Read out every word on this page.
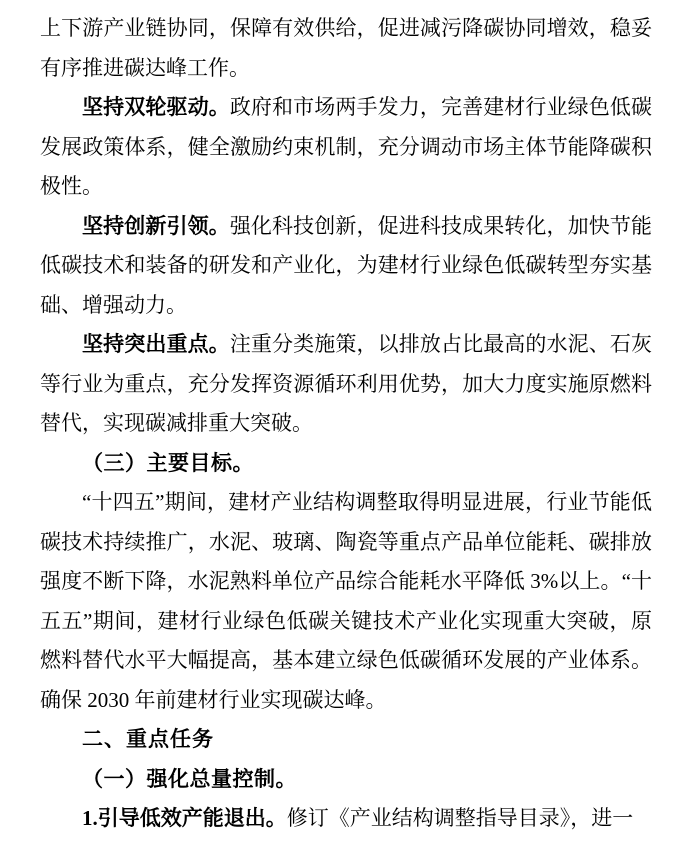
上下游产业链协同，保障有效供给，促进减污降碳协同增效，稳妥有序推进碳达峰工作。

坚持双轮驱动。政府和市场两手发力，完善建材行业绿色低碳发展政策体系，健全激励约束机制，充分调动市场主体节能降碳积极性。

坚持创新引领。强化科技创新，促进科技成果转化，加快节能低碳技术和装备的研发和产业化，为建材行业绿色低碳转型夯实基础、增强动力。

坚持突出重点。注重分类施策，以排放占比最高的水泥、石灰等行业为重点，充分发挥资源循环利用优势，加大力度实施原燃料替代，实现碳减排重大突破。

（三）主要目标。

“十四五”期间，建材产业结构调整取得明显进展，行业节能低碳技术持续推广，水泥、玻璃、陶瓷等重点产品单位能耗、碳排放强度不断下降，水泥熟料单位产品综合能耗水平降低 3%以上。“十五五”期间，建材行业绿色低碳关键技术产业化实现重大突破，原燃料替代水平大幅提高，基本建立绿色低碳循环发展的产业体系。确保 2030 年前建材行业实现碳达峰。

二、重点任务

（一）强化总量控制。

1.引导低效产能退出。修订《产业结构调整指导目录》，进一
